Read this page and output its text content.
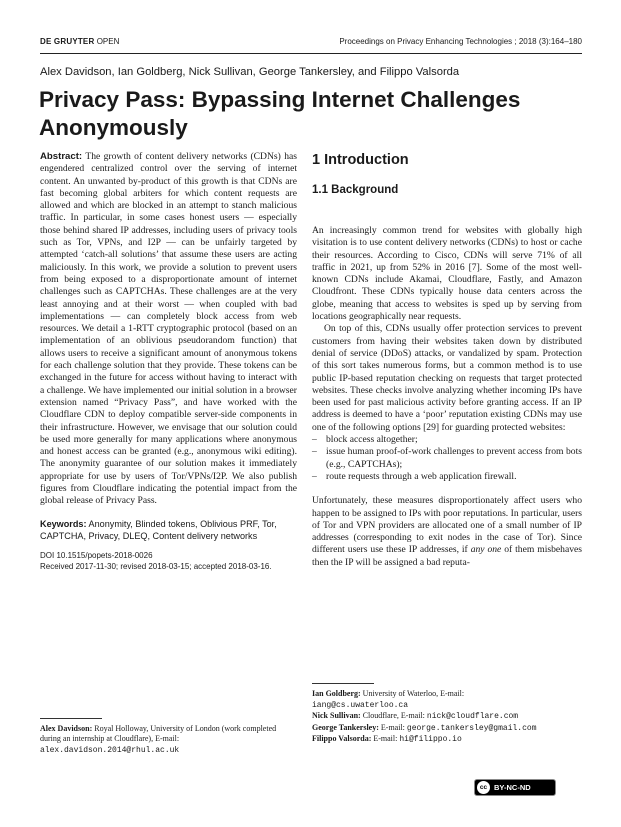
DE GRUYTER OPEN	Proceedings on Privacy Enhancing Technologies ; 2018 (3):164–180
Alex Davidson, Ian Goldberg, Nick Sullivan, George Tankersley, and Filippo Valsorda
Privacy Pass: Bypassing Internet Challenges Anonymously

Abstract: The growth of content delivery networks (CDNs) has engendered centralized control over the serving of internet content. An unwanted by-product of this growth is that CDNs are fast becoming global arbiters for which content requests are allowed and which are blocked in an attempt to stanch malicious traffic. In particular, in some cases honest users — especially those behind shared IP addresses, including users of privacy tools such as Tor, VPNs, and I2P — can be unfairly targeted by attempted ‘catch-all solutions’ that assume these users are acting maliciously. In this work, we provide a solution to prevent users from being exposed to a disproportionate amount of internet challenges such as CAPTCHAs. These challenges are at the very least annoying and at their worst — when coupled with bad implementations — can completely block access from web resources. We detail a 1-RTT cryptographic protocol (based on an implementation of an oblivious pseudorandom function) that allows users to receive a significant amount of anonymous tokens for each challenge solution that they provide. These tokens can be exchanged in the future for access without having to interact with a challenge. We have implemented our initial solution in a browser extension named “Privacy Pass”, and have worked with the Cloudflare CDN to deploy compatible server-side components in their infrastructure. However, we envisage that our solution could be used more generally for many applications where anonymous and honest access can be granted (e.g., anonymous wiki editing). The anonymity guarantee of our solution makes it immediately appropriate for use by users of Tor/VPNs/I2P. We also publish figures from Cloudflare indicating the potential impact from the global release of Privacy Pass.

Keywords: Anonymity, Blinded tokens, Oblivious PRF, Tor, CAPTCHA, Privacy, DLEQ, Content delivery networks

DOI 10.1515/popets-2018-0026

Received 2017-11-30; revised 2018-03-15; accepted 2018-03-16.

Alex Davidson: Royal Holloway, University of London (work completed during an internship at Cloudflare), E-mail: alex.davidson.2014@rhul.ac.uk
1 Introduction
1.1 Background

An increasingly common trend for websites with globally high visitation is to use content delivery networks (CDNs) to host or cache their resources. According to Cisco, CDNs will serve 71% of all traffic in 2021, up from 52% in 2016 [7]. Some of the most well-known CDNs include Akamai, Cloudflare, Fastly, and Amazon Cloudfront. These CDNs typically house data centers across the globe, meaning that access to websites is sped up by serving from locations geographically near requests.

On top of this, CDNs usually offer protection services to prevent customers from having their websites taken down by distributed denial of service (DDoS) attacks, or vandalized by spam. Protection of this sort takes numerous forms, but a common method is to use public IP-based reputation checking on requests that target protected websites. These checks involve analyzing whether incoming IPs have been used for past malicious activity before granting access. If an IP address is deemed to have a ‘poor’ reputation existing CDNs may use one of the following options [29] for guarding protected websites:

– block access altogether;
– issue human proof-of-work challenges to prevent access from bots (e.g., CAPTCHAs);
– route requests through a web application firewall.

Unfortunately, these measures disproportionately affect users who happen to be assigned to IPs with poor reputations. In particular, users of Tor and VPN providers are allocated one of a small number of IP addresses (corresponding to exit nodes in the case of Tor). Since different users use these IP addresses, if any one of them misbehaves then the IP will be assigned a bad reputa-

Ian Goldberg: University of Waterloo, E-mail:
iang@cs.uwaterloo.ca
Nick Sullivan: Cloudflare, E-mail: nick@cloudflare.com
George Tankersley: E-mail: george.tankersley@gmail.com
Filippo Valsorda: E-mail: hi@filippo.io
cc BY-NC-ND
